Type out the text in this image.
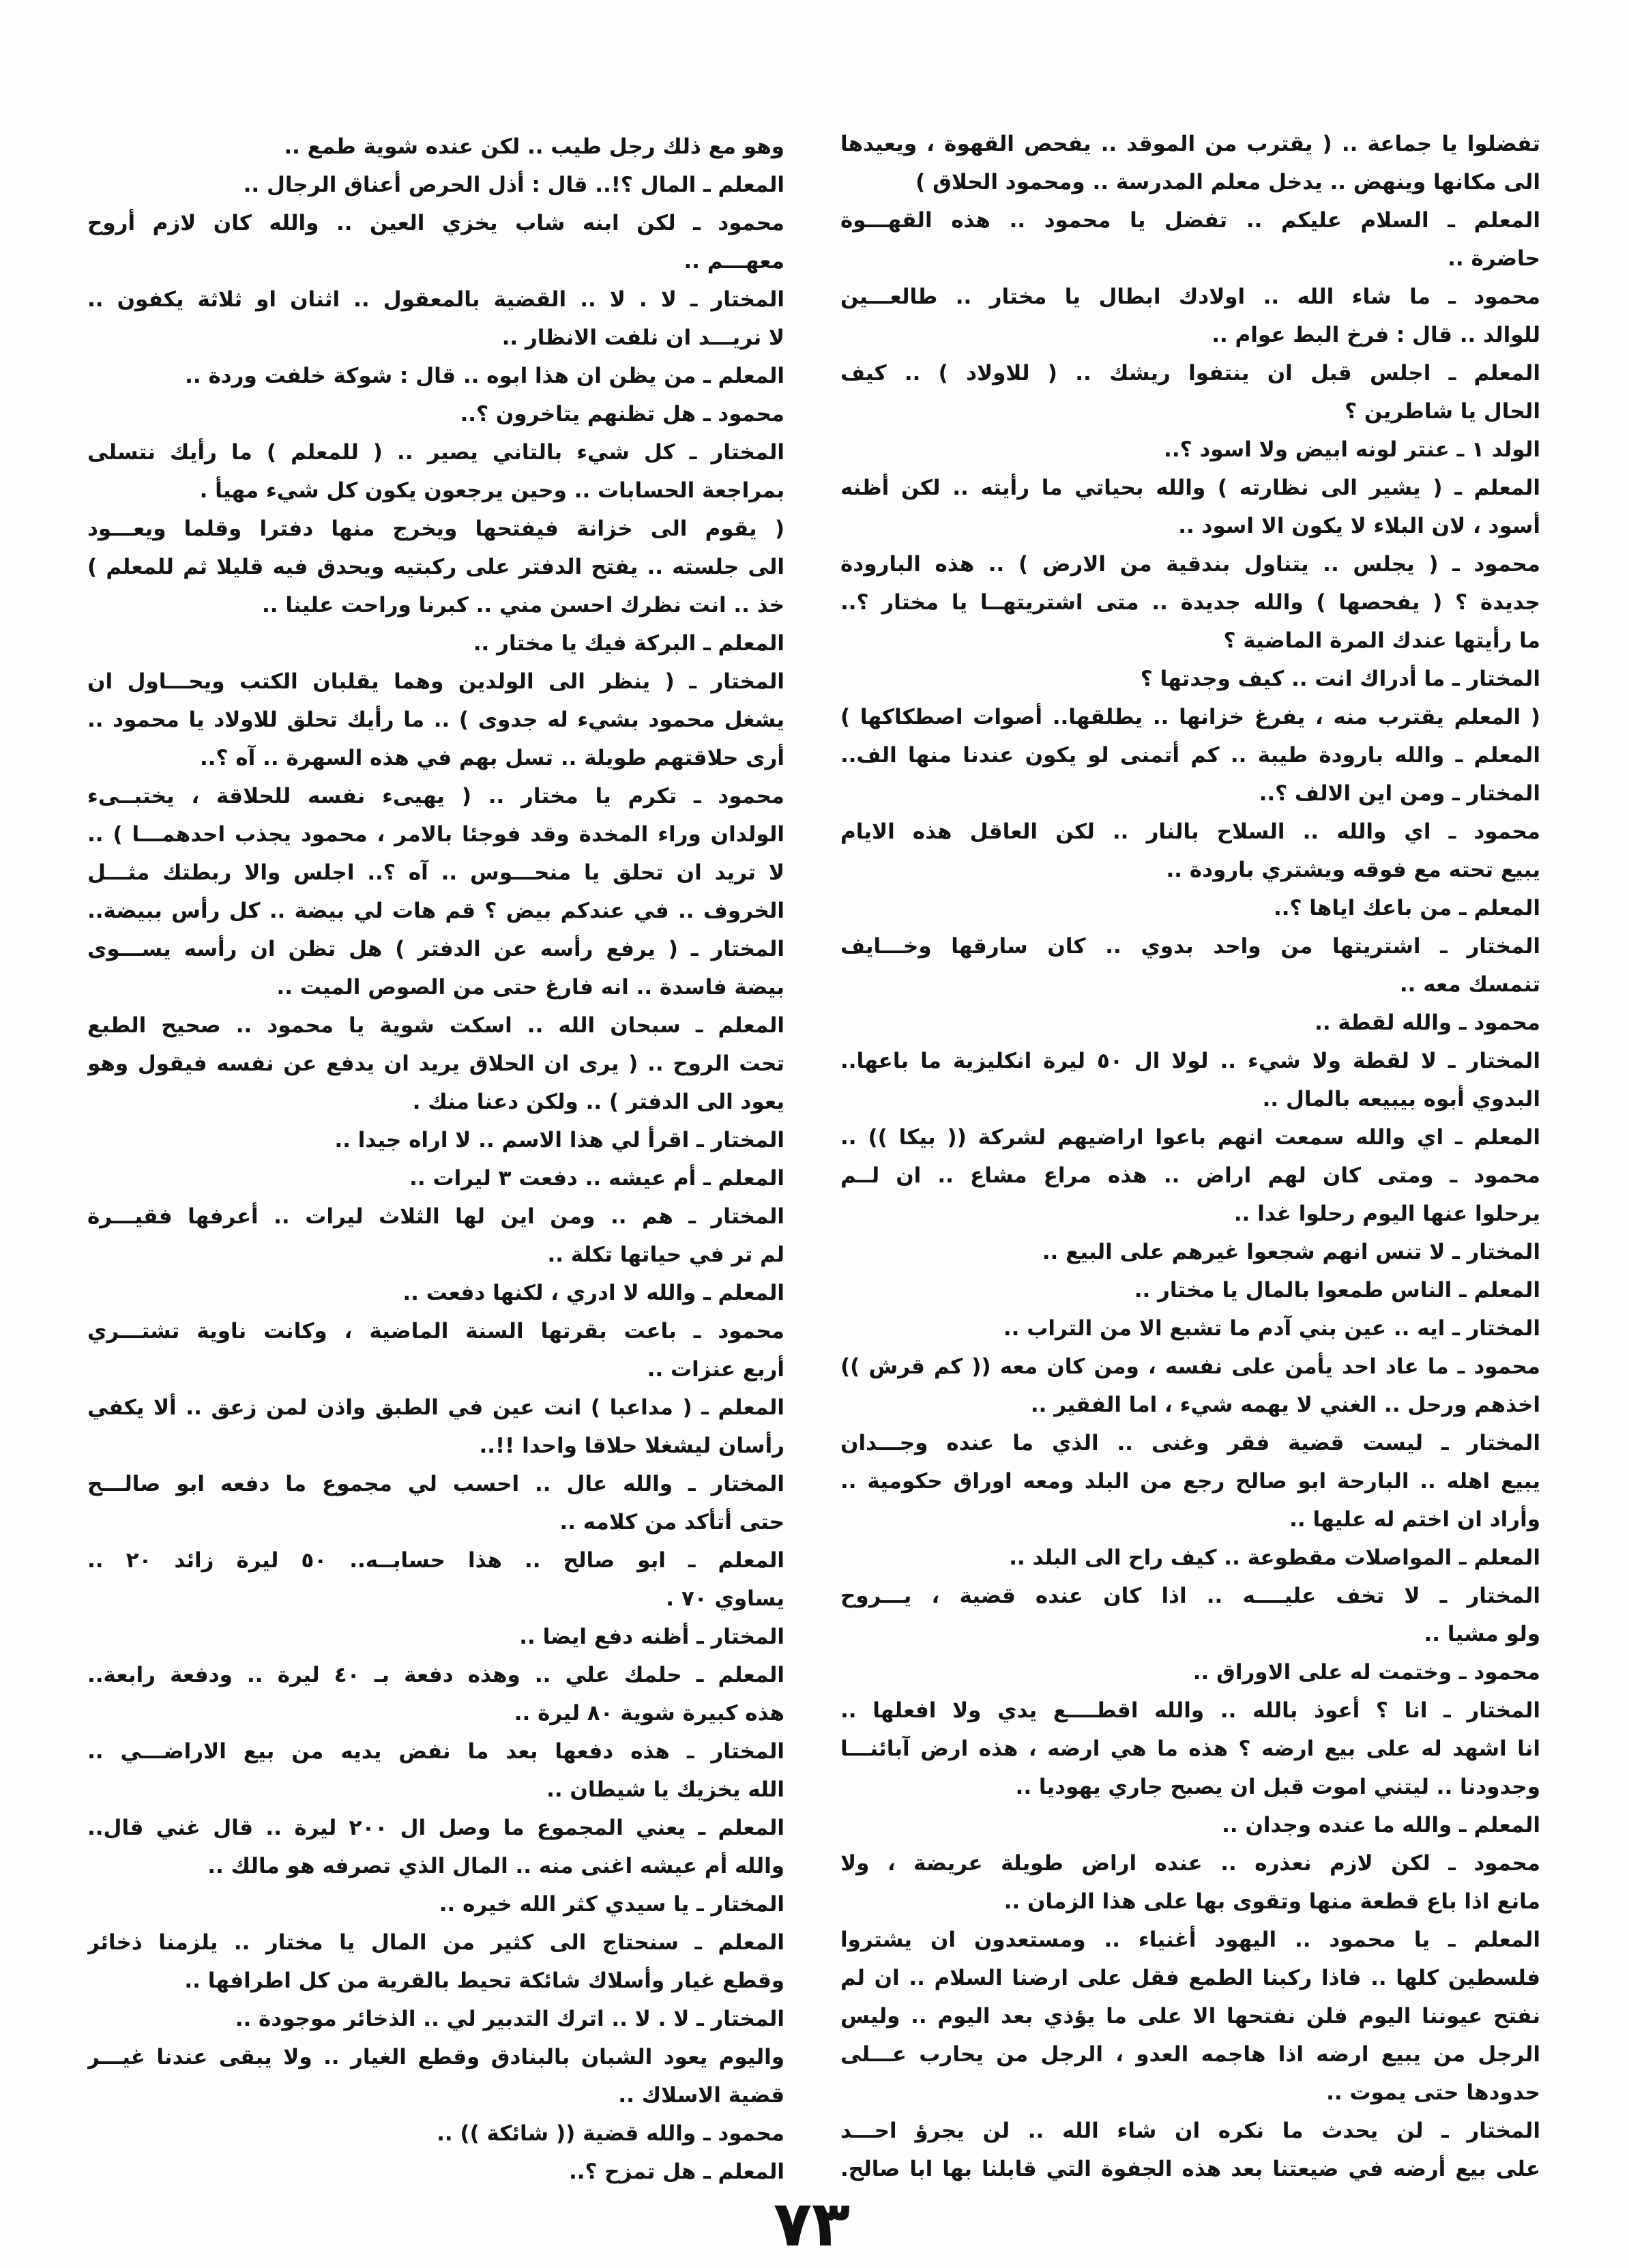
تفضلوا يا جماعة .. ( يقترب من الموقد .. يفحص القهوة ، ويعيدها
الى مكانها وينهض .. يدخل معلم المدرسة .. ومحمود الحلاق )
المعلم ـ السلام عليكم .. تفضل يا محمود .. هذه القهـــوة
حاضرة ..
محمود ـ ما شاء الله .. اولادك ابطال يا مختار .. طالعـــين
للوالد .. قال : فرخ البط عوام ..
المعلم ـ اجلس قبل ان ينتفوا ريشك .. ( للاولاد ) .. كيف
الحال يا شاطرين ؟
الولد ١ ـ عنتر لونه ابيض ولا اسود ؟..
المعلم ـ ( يشير الى نظارته ) والله بحياتي ما رأيته .. لكن أظنه
أسود ، لان البلاء لا يكون الا اسود ..
محمود ـ ( يجلس .. يتناول بندقية من الارض ) .. هذه البارودة
جديدة ؟ ( يفحصها ) والله جديدة .. متى اشتريتهــا يا مختار ؟..
ما رأيتها عندك المرة الماضية ؟
المختار ـ ما أدراك انت .. كيف وجدتها ؟
( المعلم يقترب منه ، يفرغ خزانها .. يطلقها.. أصوات اصطكاكها )
المعلم ـ والله بارودة طيبة .. كم أتمنى لو يكون عندنا منها الف..
المختار ـ ومن اين الالف ؟..
محمود ـ اي والله .. السلاح بالنار .. لكن العاقل هذه الايام
يبيع تحته مع فوقه ويشتري بارودة ..
المعلم ـ من باعك اياها ؟..
المختار ـ اشتريتها من واحد بدوي .. كان سارقها وخـــايف
تنمسك معه ..
محمود ـ والله لقطة ..
المختار ـ لا لقطة ولا شيء .. لولا ال ٥٠ ليرة انكليزية ما باعها..
البدوي أبوه بيبيعه بالمال ..
المعلم ـ اي والله سمعت انهم باعوا اراضيهم لشركة (( بيكا )) ..
محمود ـ ومتى كان لهم اراض .. هذه مراع مشاع .. ان لــم
يرحلوا عنها اليوم رحلوا غدا ..
المختار ـ لا تنس انهم شجعوا غيرهم على البيع ..
المعلم ـ الناس طمعوا بالمال يا مختار ..
المختار ـ ايه .. عين بني آدم ما تشبع الا من التراب ..
محمود ـ ما عاد احد يأمن على نفسه ، ومن كان معه (( كم قرش ))
اخذهم ورحل .. الغني لا يهمه شيء ، اما الفقير ..
المختار ـ ليست قضية فقر وغنى .. الذي ما عنده وجـــدان
يبيع اهله .. البارحة ابو صالح رجع من البلد ومعه اوراق حكومية ..
وأراد ان اختم له عليها ..
المعلم ـ المواصلات مقطوعة .. كيف راح الى البلد ..
المختار ـ لا تخف عليــــه .. اذا كان عنده قضية ، يـــروح
ولو مشيا ..
محمود ـ وختمت له على الاوراق ..
المختار ـ انا ؟ أعوذ بالله .. والله اقطــــع يدي ولا افعلها ..
انا اشهد له على بيع ارضه ؟ هذه ما هي ارضه ، هذه ارض آبائنـــا
وجدودنا .. ليتني اموت قبل ان يصبح جاري يهوديا ..
المعلم ـ والله ما عنده وجدان ..
محمود ـ لكن لازم نعذره .. عنده اراض طويلة عريضة ، ولا
مانع اذا باع قطعة منها وتقوى بها على هذا الزمان ..
المعلم ـ يا محمود .. اليهود أغنياء .. ومستعدون ان يشتروا
فلسطين كلها .. فاذا ركبنا الطمع فقل على ارضنا السلام .. ان لم
نفتح عيوننا اليوم فلن نفتحها الا على ما يؤذي بعد اليوم .. وليس
الرجل من يبيع ارضه اذا هاجمه العدو ، الرجل من يحارب عـــلى
حدودها حتى يموت ..
المختار ـ لن يحدث ما نكره ان شاء الله .. لن يجرؤ احـــد
على بيع أرضه في ضيعتنا بعد هذه الجفوة التي قابلنا بها ابا صالح.
وهو مع ذلك رجل طيب .. لكن عنده شوية طمع ..
المعلم ـ المال ؟!.. قال : أذل الحرص أعناق الرجال ..
محمود ـ لكن ابنه شاب يخزي العين .. والله كان لازم أروح
معهـــم ..
المختار ـ لا . لا .. القضية بالمعقول .. اثنان او ثلاثة يكفون ..
لا نريـــد ان نلفت الانظار ..
المعلم ـ من يظن ان هذا ابوه .. قال : شوكة خلفت وردة ..
محمود ـ هل تظنهم يتاخرون ؟..
المختار ـ كل شيء بالتاني يصير .. ( للمعلم ) ما رأيك نتسلى
بمراجعة الحسابات .. وحين يرجعون يكون كل شيء مهيأ .
( يقوم الى خزانة فيفتحها ويخرج منها دفترا وقلما ويعـــود
الى جلسته .. يفتح الدفتر على ركبتيه ويحدق فيه قليلا ثم للمعلم )
خذ .. انت نظرك احسن مني .. كبرنا وراحت علينا ..
المعلم ـ البركة فيك يا مختار ..
المختار ـ ( ينظر الى الولدين وهما يقلبان الكتب ويحـــاول ان
يشغل محمود بشيء له جدوى ) .. ما رأيك تحلق للاولاد يا محمود ..
أرى حلاقتهم طويلة .. تسل بهم في هذه السهرة .. آه ؟..
محمود ـ تكرم يا مختار .. ( يهيىء نفسه للحلاقة ، يختبــىء
الولدان وراء المخدة وقد فوجئا بالامر ، محمود يجذب احدهمـــا ) ..
لا تريد ان تحلق يا منحـــوس .. آه ؟.. اجلس والا ربطتك مثـــل
الخروف .. في عندكم بيض ؟ قم هات لي بيضة .. كل رأس ببيضة..
المختار ـ ( يرفع رأسه عن الدفتر ) هل تظن ان رأسه يســـوى
بيضة فاسدة .. انه فارغ حتى من الصوص الميت ..
المعلم ـ سبحان الله .. اسكت شوية يا محمود .. صحيح الطبع
تحت الروح .. ( يرى ان الحلاق يريد ان يدفع عن نفسه فيقول وهو
يعود الى الدفتر ) .. ولكن دعنا منك .
المختار ـ اقرأ لي هذا الاسم .. لا اراه جيدا ..
المعلم ـ أم عيشه .. دفعت ٣ ليرات ..
المختار ـ هم .. ومن اين لها الثلاث ليرات .. أعرفها فقيـــرة
لم تر في حياتها تكلة ..
المعلم ـ والله لا ادري ، لكنها دفعت ..
محمود ـ باعت بقرتها السنة الماضية ، وكانت ناوية تشتـــري
أربع عنزات ..
المعلم ـ ( مداعبا ) انت عين في الطبق واذن لمن زعق .. ألا يكفي
رأسان ليشغلا حلاقا واحدا !!..
المختار ـ والله عال .. احسب لي مجموع ما دفعه ابو صالـــح
حتى أتأكد من كلامه ..
المعلم ـ ابو صالح .. هذا حسابــه.. ٥٠ ليرة زائد ٢٠ ..
يساوي ٧٠ .
المختار ـ أظنه دفع ايضا ..
المعلم ـ حلمك علي .. وهذه دفعة بـ ٤٠ ليرة .. ودفعة رابعة..
هذه كبيرة شوية ٨٠ ليرة ..
المختار ـ هذه دفعها بعد ما نفض يديه من بيع الاراضـــي ..
الله يخزيك يا شيطان ..
المعلم ـ يعني المجموع ما وصل ال ٢٠٠ ليرة .. قال غني قال..
والله أم عيشه اغنى منه .. المال الذي تصرفه هو مالك ..
المختار ـ يا سيدي كثر الله خيره ..
المعلم ـ سنحتاج الى كثير من المال يا مختار .. يلزمنا ذخائر
وقطع غيار وأسلاك شائكة تحيط بالقرية من كل اطرافها ..
المختار ـ لا . لا .. اترك التدبير لي .. الذخائر موجودة ..
واليوم يعود الشبان بالبنادق وقطع الغيار .. ولا يبقى عندنا غيـــر
قضية الاسلاك ..
محمود ـ والله قضية (( شائكة )) ..
المعلم ـ هل تمزح ؟..
٧٣
